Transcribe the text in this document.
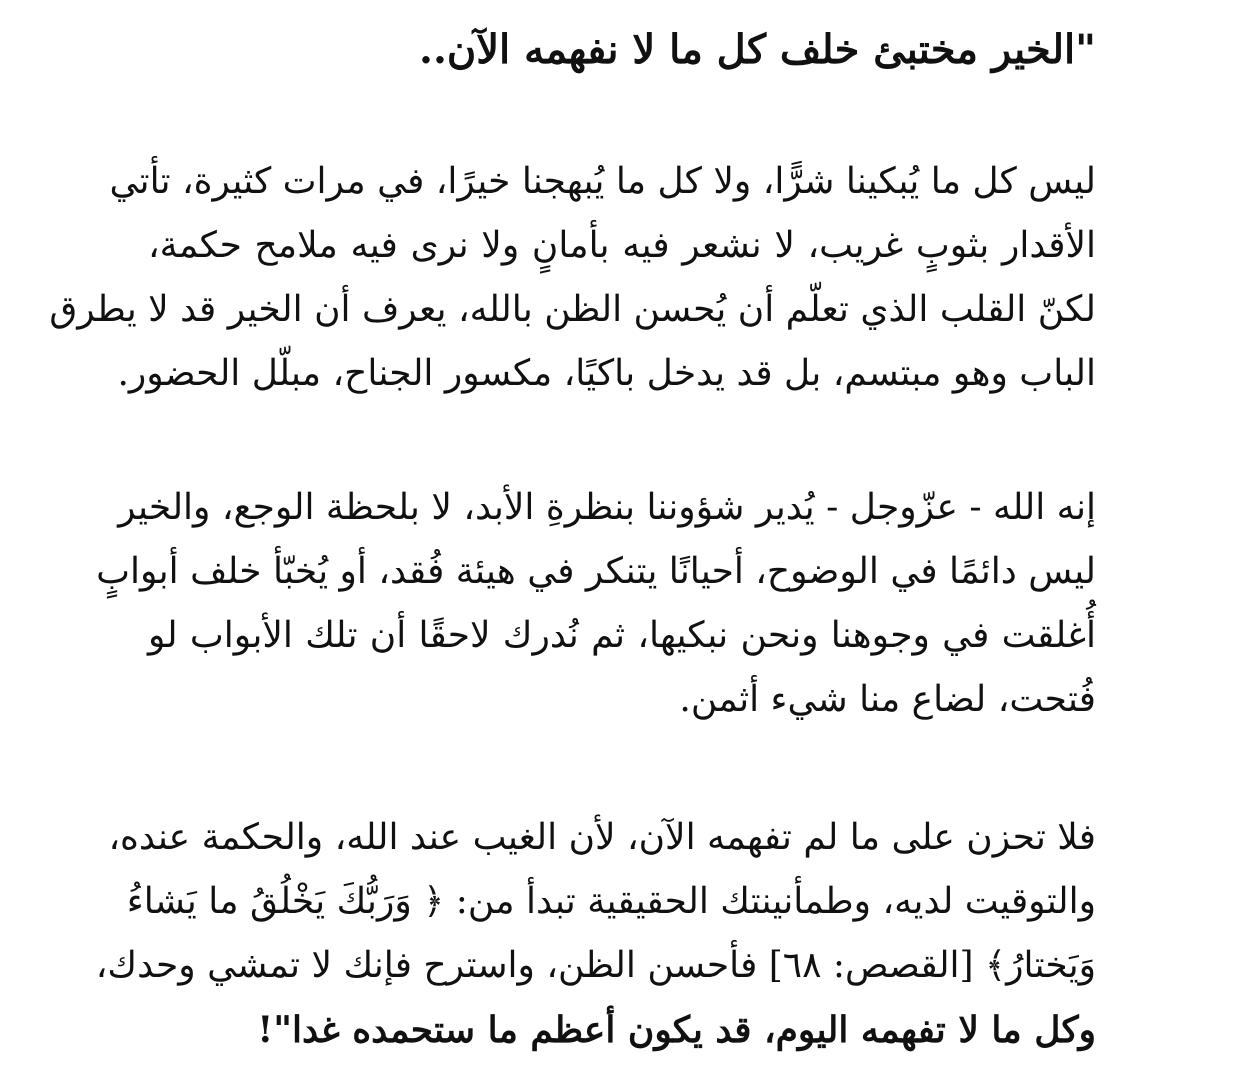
"الخير مختبئ خلف كل ما لا نفهمه الآن..
ليس كل ما يُبكينا شرًّا، ولا كل ما يُبهجنا خيرًا، في مرات كثيرة، تأتي
الأقدار بثوبٍ غريب، لا نشعر فيه بأمانٍ ولا نرى فيه ملامح حكمة،
لكنّ القلب الذي تعلّم أن يُحسن الظن بالله، يعرف أن الخير قد لا يطرق
الباب وهو مبتسم، بل قد يدخل باكيًا، مكسور الجناح، مبلّل الحضور.
إنه الله - عزّوجل - يُدير شؤوننا بنظرةِ الأبد، لا بلحظة الوجع، والخير
ليس دائمًا في الوضوح، أحيانًا يتنكر في هيئة فُقد، أو يُخبّأ خلف أبوابٍ
أُغلقت في وجوهنا ونحن نبكيها، ثم نُدرك لاحقًا أن تلك الأبواب لو
فُتحت، لضاع منا شيء أثمن.
فلا تحزن على ما لم تفهمه الآن، لأن الغيب عند الله، والحكمة عنده،
والتوقيت لديه، وطمأنينتك الحقيقية تبدأ من: ﴿ وَرَبُّكَ يَخْلُقُ ما يَشاءُ
وَيَختارُ﴾ [القصص: ٦٨] فأحسن الظن، واسترح فإنك لا تمشي وحدك،
وكل ما لا تفهمه اليوم، قد يكون أعظم ما ستحمده غدا"!
